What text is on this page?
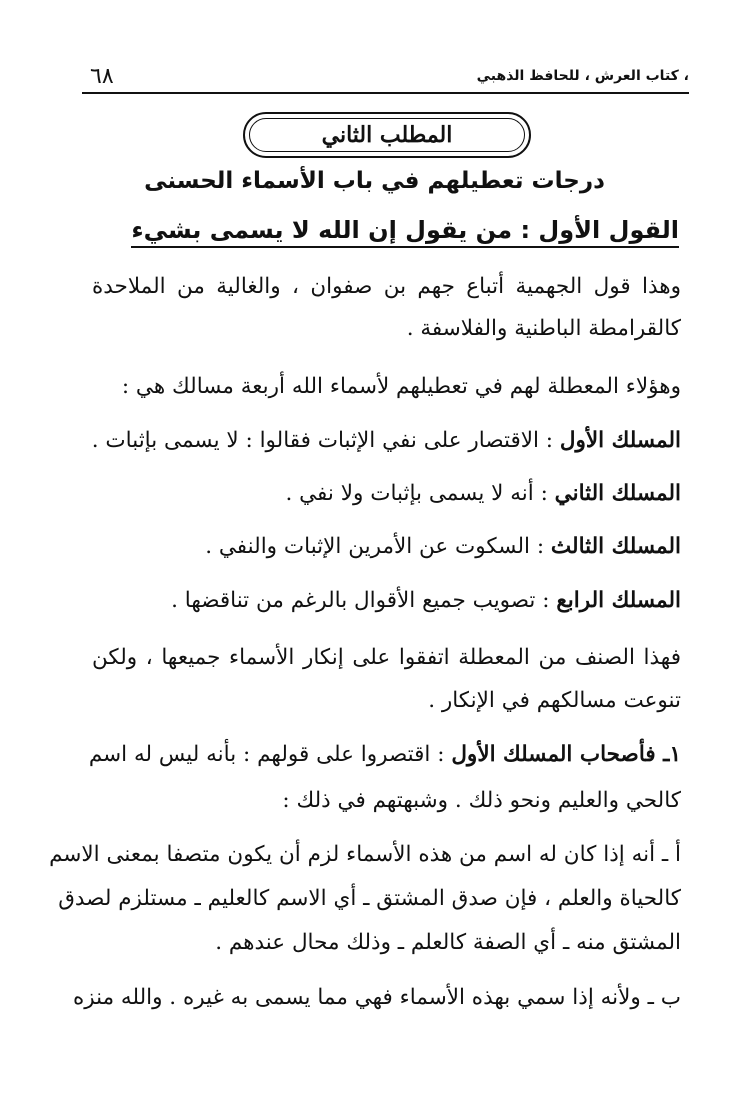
٦٨	، كتاب العرش ، للحافظ الذهبي
المطلب الثاني
درجات تعطيلهم في باب الأسماء الحسنى
القول الأول : من يقول إن الله لا يسمى بشيء
وهذا قول الجهمية أتباع جهم بن صفوان ، والغالية من الملاحدة
كالقرامطة الباطنية والفلاسفة .
وهؤلاء المعطلة لهم في تعطيلهم لأسماء الله أربعة مسالك هي :
المسلك الأول : الاقتصار على نفي الإثبات فقالوا : لا يسمى بإثبات .
المسلك الثاني : أنه لا يسمى بإثبات ولا نفي .
المسلك الثالث : السكوت عن الأمرين الإثبات والنفي .
المسلك الرابع : تصويب جميع الأقوال بالرغم من تناقضها .
فهذا الصنف من المعطلة اتفقوا على إنكار الأسماء جميعها ، ولكن
تنوعت مسالكهم في الإنكار .
١ـ فأصحاب المسلك الأول : اقتصروا على قولهم : بأنه ليس له اسم
كالحي والعليم ونحو ذلك . وشبهتهم في ذلك :
أ ـ أنه إذا كان له اسم من هذه الأسماء لزم أن يكون متصفا بمعنى الاسم
كالحياة والعلم ، فإن صدق المشتق ـ أي الاسم كالعليم ـ مستلزم لصدق
المشتق منه ـ أي الصفة كالعلم ـ وذلك محال عندهم .
ب ـ ولأنه إذا سمي بهذه الأسماء فهي مما يسمى به غيره . والله منزه
